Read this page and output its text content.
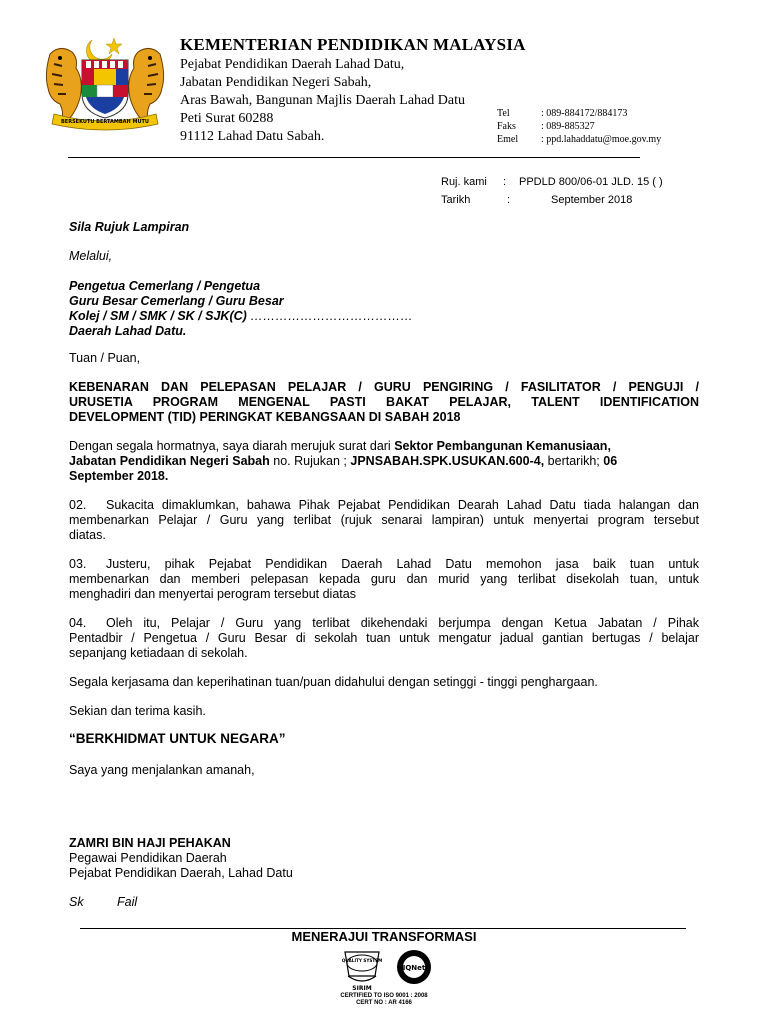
BERSEKUTU BERTAMBAH MUTU
KEMENTERIAN PENDIDIKAN MALAYSIA
Pejabat Pendidikan Daerah Lahad Datu,
Jabatan Pendidikan Negeri Sabah,
Aras Bawah, Bangunan Majlis Daerah Lahad Datu
Peti Surat 60288
91112 Lahad Datu Sabah.
Tel	: 089-884172/884173
Faks	: 089-885327
Emel : ppd.lahaddatu@moe.gov.my
Ruj. kami : PPDLD 800/06-01 JLD. 15 ( )
Tarikh	:	September 2018
Sila Rujuk Lampiran
Melalui,
Pengetua Cemerlang / Pengetua
Guru Besar Cemerlang / Guru Besar
Kolej / SM / SMK / SK / SJK(C) …………………………………
Daerah Lahad Datu.
Tuan / Puan,
KEBENARAN DAN PELEPASAN PELAJAR / GURU PENGIRING / FASILITATOR / PENGUJI /
URUSETIA PROGRAM MENGENAL PASTI BAKAT PELAJAR, TALENT IDENTIFICATION
DEVELOPMENT (TID) PERINGKAT KEBANGSAAN DI SABAH 2018
Dengan segala hormatnya, saya diarah merujuk surat dari Sektor Pembangunan Kemanusiaan,
Jabatan Pendidikan Negeri Sabah no. Rujukan ; JPNSABAH.SPK.USUKAN.600-4, bertarikh; 06
September 2018.
02. Sukacita dimaklumkan, bahawa Pihak Pejabat Pendidikan Dearah Lahad Datu tiada halangan dan
membenarkan Pelajar / Guru yang terlibat (rujuk senarai lampiran) untuk menyertai program tersebut
diatas.
03. Justeru, pihak Pejabat Pendidikan Daerah Lahad Datu memohon jasa baik tuan untuk
membenarkan dan memberi pelepasan kepada guru dan murid yang terlibat disekolah tuan, untuk
menghadiri dan menyertai perogram tersebut diatas
04. Oleh itu, Pelajar / Guru yang terlibat dikehendaki berjumpa dengan Ketua Jabatan / Pihak
Pentadbir / Pengetua / Guru Besar di sekolah tuan untuk mengatur jadual gantian bertugas / belajar
sepanjang ketiadaan di sekolah.
Segala kerjasama dan keperihatinan tuan/puan didahului dengan setinggi - tinggi penghargaan.
Sekian dan terima kasih.
“BERKHIDMAT UNTUK NEGARA”
Saya yang menjalankan amanah,
ZAMRI BIN HAJI PEHAKAN
Pegawai Pendidikan Daerah
Pejabat Pendidikan Daerah, Lahad Datu
Sk	Fail
MENERAJUI TRANSFORMASI
QUALITY SYSTEM
SIRIM
IQNet
CERTIFIED TO ISO 9001 : 2008
CERT NO : AR 4166
